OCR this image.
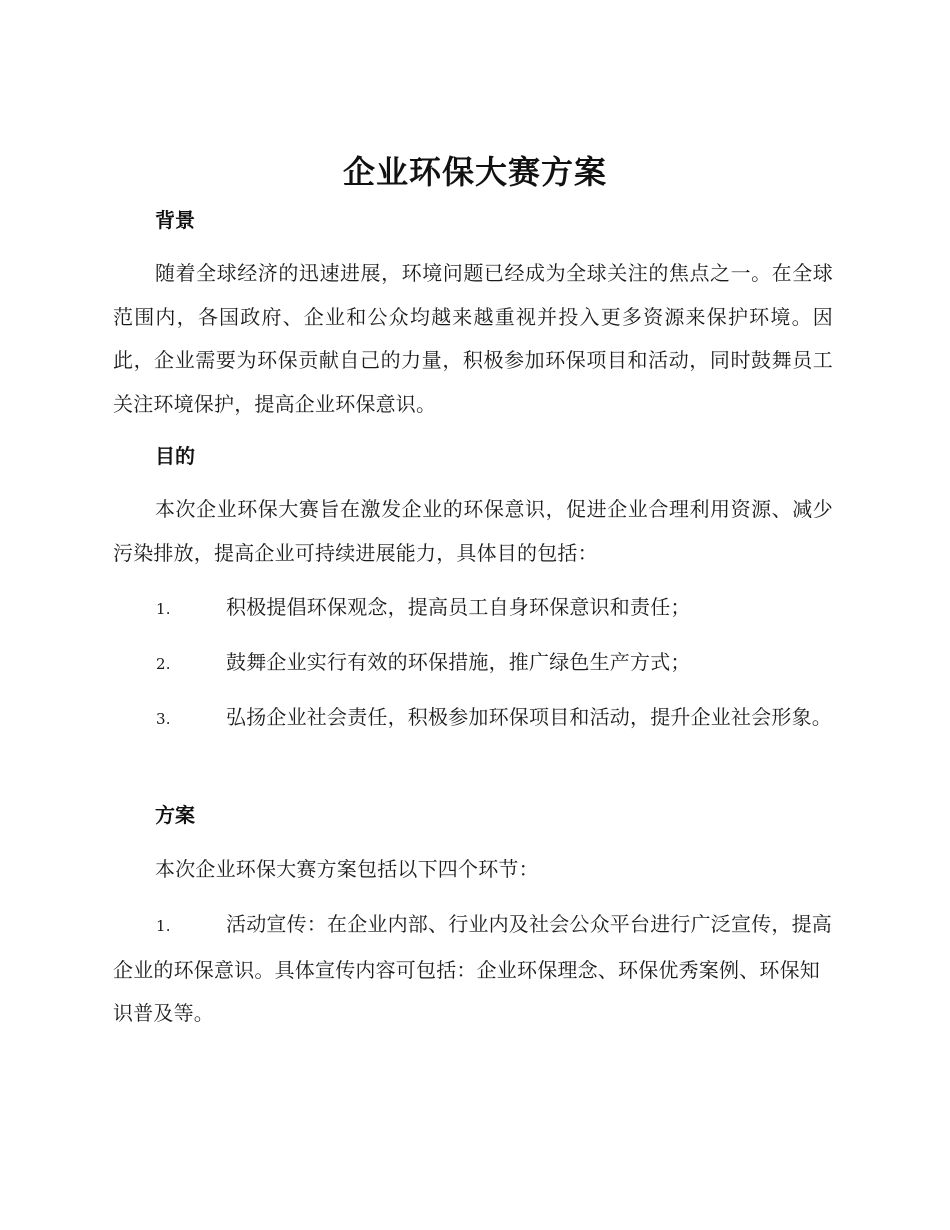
企业环保大赛方案
背景
随着全球经济的迅速进展，环境问题已经成为全球关注的焦点之一。在全球范围内，各国政府、企业和公众均越来越重视并投入更多资源来保护环境。因此，企业需要为环保贡献自己的力量，积极参加环保项目和活动，同时鼓舞员工关注环境保护，提高企业环保意识。
目的
本次企业环保大赛旨在激发企业的环保意识，促进企业合理利用资源、减少污染排放，提高企业可持续进展能力，具体目的包括：
1.	积极提倡环保观念，提高员工自身环保意识和责任；
2.	鼓舞企业实行有效的环保措施，推广绿色生产方式；
3.	弘扬企业社会责任，积极参加环保项目和活动，提升企业社会形象。
方案
本次企业环保大赛方案包括以下四个环节：
1.	活动宣传：在企业内部、行业内及社会公众平台进行广泛宣传，提高企业的环保意识。具体宣传内容可包括：企业环保理念、环保优秀案例、环保知识普及等。
